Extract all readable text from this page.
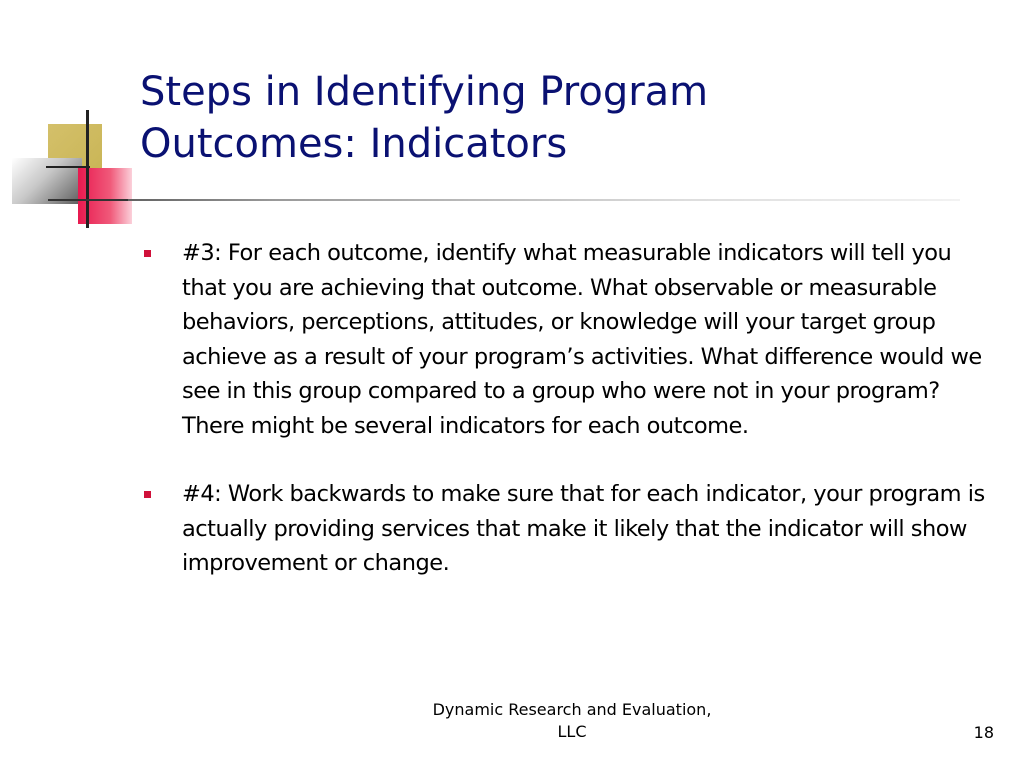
Steps in Identifying Program
Outcomes: Indicators
#3: For each outcome, identify what measurable indicators will tell you that you are achieving that outcome. What observable or measurable behaviors, perceptions, attitudes, or knowledge will your target group achieve as a result of your program’s activities. What difference would we see in this group compared to a group who were not in your program? There might be several indicators for each outcome.
#4: Work backwards to make sure that for each indicator, your program is actually providing services that make it likely that the indicator will show improvement or change.
Dynamic Research and Evaluation,
LLC	18
